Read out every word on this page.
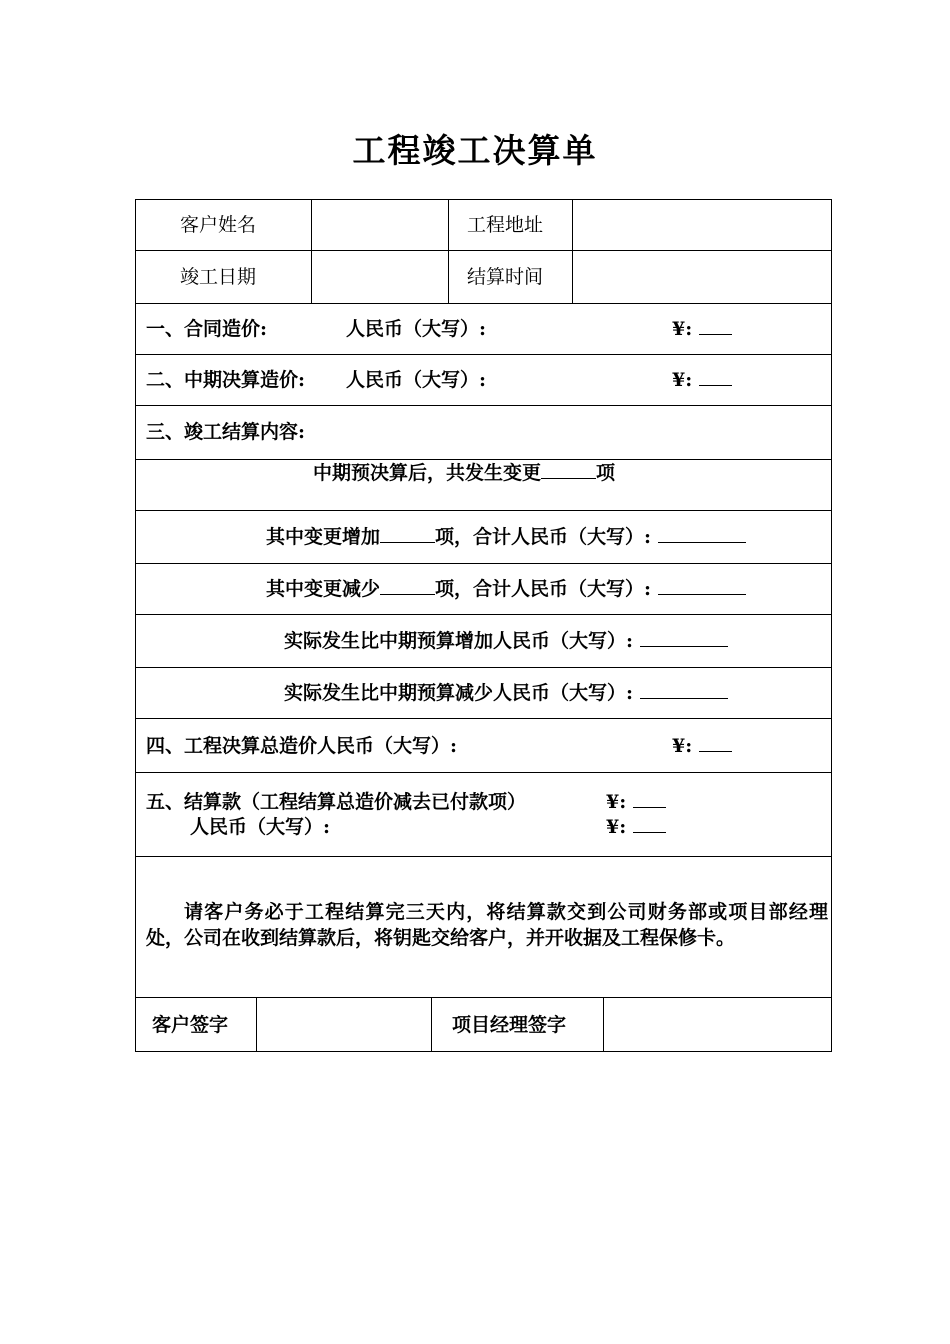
工程竣工决算单
客户姓名	工程地址
竣工日期	结算时间
一、合同造价:	人民币（大写）:	¥:
二、中期决算造价: 人民币（大写）:	¥:
三、竣工结算内容:
中期预决算后，共发生变更	项
其中变更增加	项，合计人民币（大写）:
其中变更减少	项，合计人民币（大写）:
实际发生比中期预算增加人民币（大写）:
实际发生比中期预算减少人民币（大写）:
四、工程决算总造价人民币（大写）:	¥:
五、结算款（工程结算总造价减去已付款项）	¥:
人民币（大写）:	¥:
请客户务必于工程结算完三天内，将结算款交到公司财务部或项目部经理处，公司在收到结算款后，将钥匙交给客户，并开收据及工程保修卡。
客户签字	项目经理签字
